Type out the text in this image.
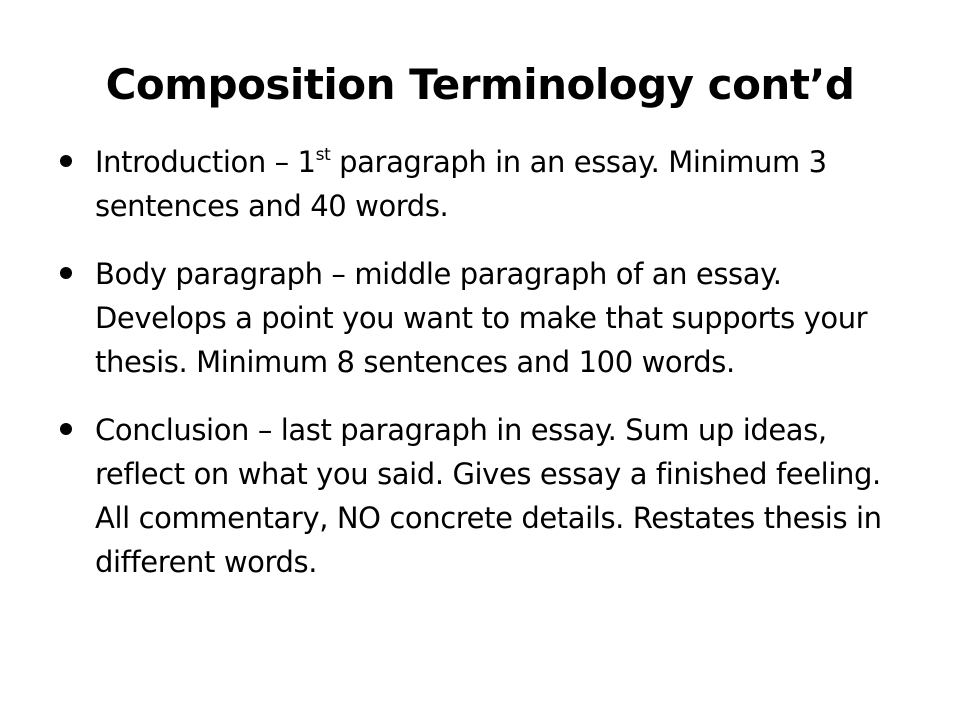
Composition Terminology cont’d
Introduction – 1st paragraph in an essay. Minimum 3 sentences and 40 words.
Body paragraph – middle paragraph of an essay. Develops a point you want to make that supports your thesis. Minimum 8 sentences and 100 words.
Conclusion – last paragraph in essay. Sum up ideas, reflect on what you said. Gives essay a finished feeling. All commentary, NO concrete details. Restates thesis in different words.
